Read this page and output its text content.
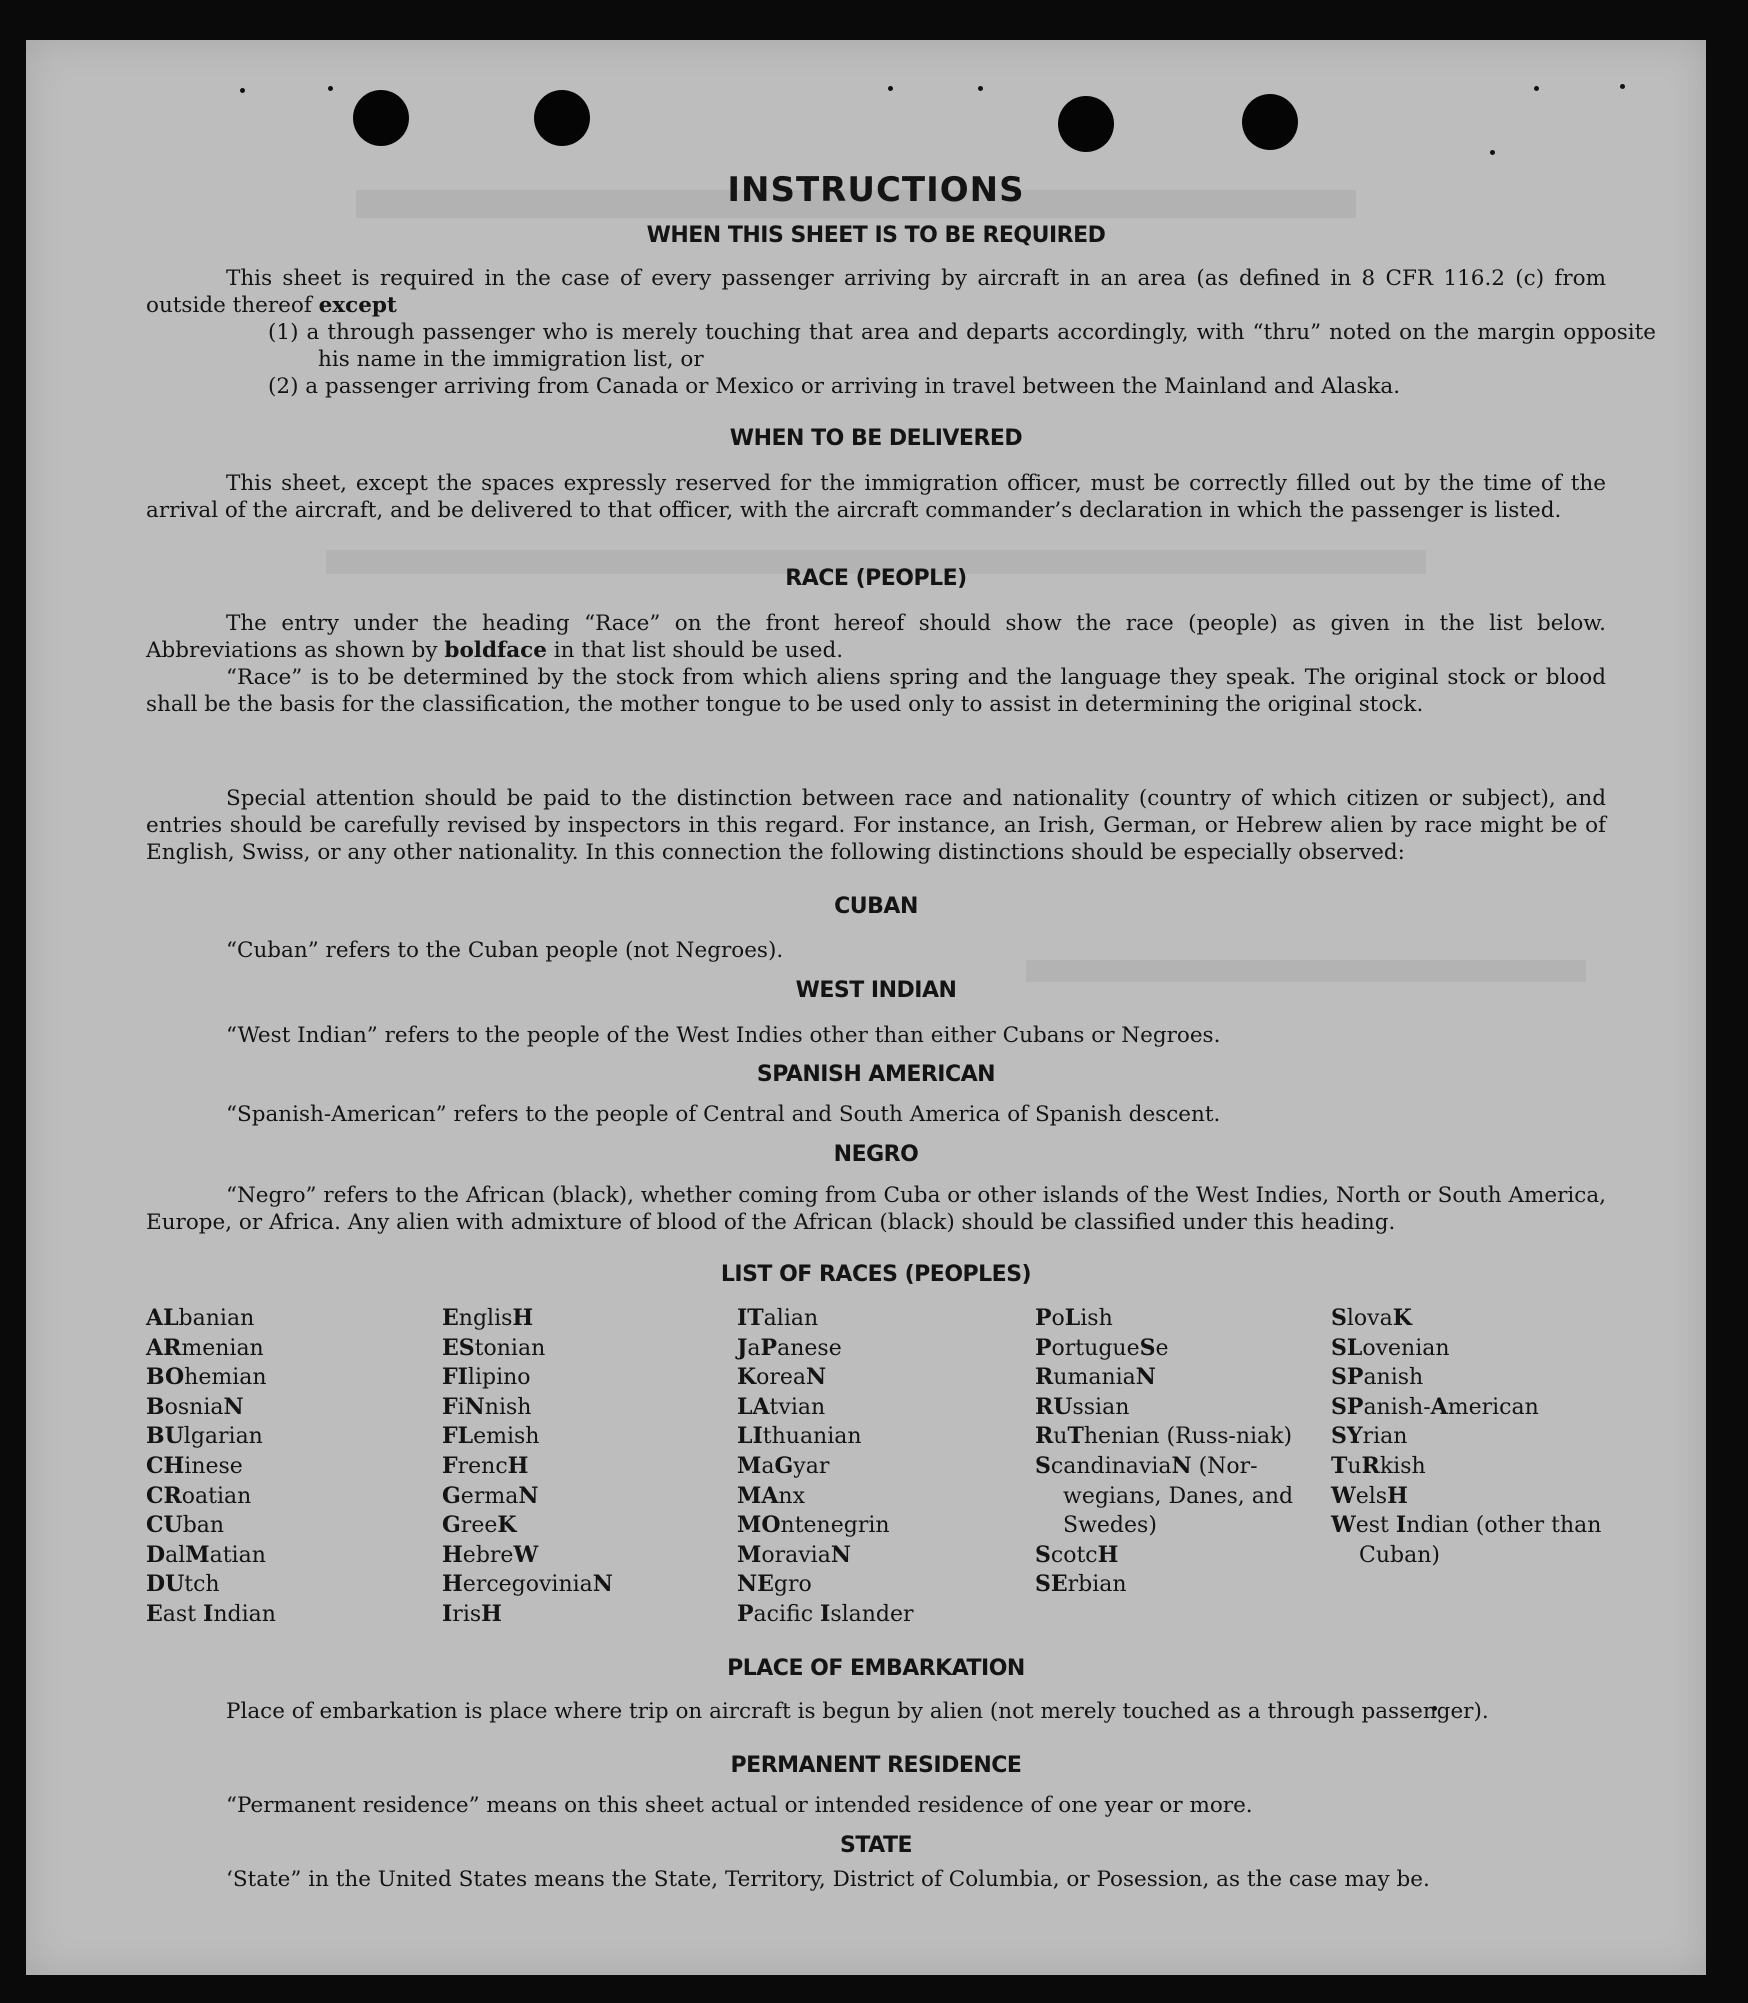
INSTRUCTIONS
WHEN THIS SHEET IS TO BE REQUIRED
This sheet is required in the case of every passenger arriving by aircraft in an area (as defined in 8 CFR 116.2 (c) from outside thereof except
(1) a through passenger who is merely touching that area and departs accordingly, with “thru” noted on the margin opposite his name in the immigration list, or
(2) a passenger arriving from Canada or Mexico or arriving in travel between the Mainland and Alaska.
WHEN TO BE DELIVERED
This sheet, except the spaces expressly reserved for the immigration officer, must be correctly filled out by the time of the arrival of the aircraft, and be delivered to that officer, with the aircraft commander’s declaration in which the passenger is listed.
RACE (PEOPLE)
The entry under the heading “Race” on the front hereof should show the race (people) as given in the list below. Abbreviations as shown by boldface in that list should be used.
“Race” is to be determined by the stock from which aliens spring and the language they speak. The original stock or blood shall be the basis for the classification, the mother tongue to be used only to assist in determining the original stock.
Special attention should be paid to the distinction between race and nationality (country of which citizen or subject), and entries should be carefully revised by inspectors in this regard. For instance, an Irish, German, or Hebrew alien by race might be of English, Swiss, or any other nationality. In this connection the following distinctions should be especially observed:
CUBAN
“Cuban” refers to the Cuban people (not Negroes).
WEST INDIAN
“West Indian” refers to the people of the West Indies other than either Cubans or Negroes.
SPANISH AMERICAN
“Spanish-American” refers to the people of Central and South America of Spanish descent.
NEGRO
“Negro” refers to the African (black), whether coming from Cuba or other islands of the West Indies, North or South America, Europe, or Africa. Any alien with admixture of blood of the African (black) should be classified under this heading.
LIST OF RACES (PEOPLES)
ALbanian
ARmenian
BOhemian
BosniaN
BUlgarian
CHinese
CRoatian
CUban
DalMatian
DUtch
East Indian
EnglisH
EStonian
FIlipino
FiNnish
FLemish
FrencH
GermaN
GreeK
HebreW
HercegoviniaN
IrisH
ITalian
JaPanese
KoreaN
LAtvian
LIthuanian
MaGyar
MAnx
MOntenegrin
MoraviaN
NEgro
Pacific Islander
PoLish
PortugueSe
RumaniaN
RUssian
RuThenian (Russ-niak)
ScandinaviaN (Nor-wegians, Danes, and Swedes)
ScotcH
SErbian
SlovaK
SLovenian
SPanish
SPanish-American
SYrian
TuRkish
WelsH
West Indian (other than Cuban)
PLACE OF EMBARKATION
Place of embarkation is place where trip on aircraft is begun by alien (not merely touched as a through passenger).
PERMANENT RESIDENCE
“Permanent residence” means on this sheet actual or intended residence of one year or more.
STATE
‘State” in the United States means the State, Territory, District of Columbia, or Posession, as the case may be.
